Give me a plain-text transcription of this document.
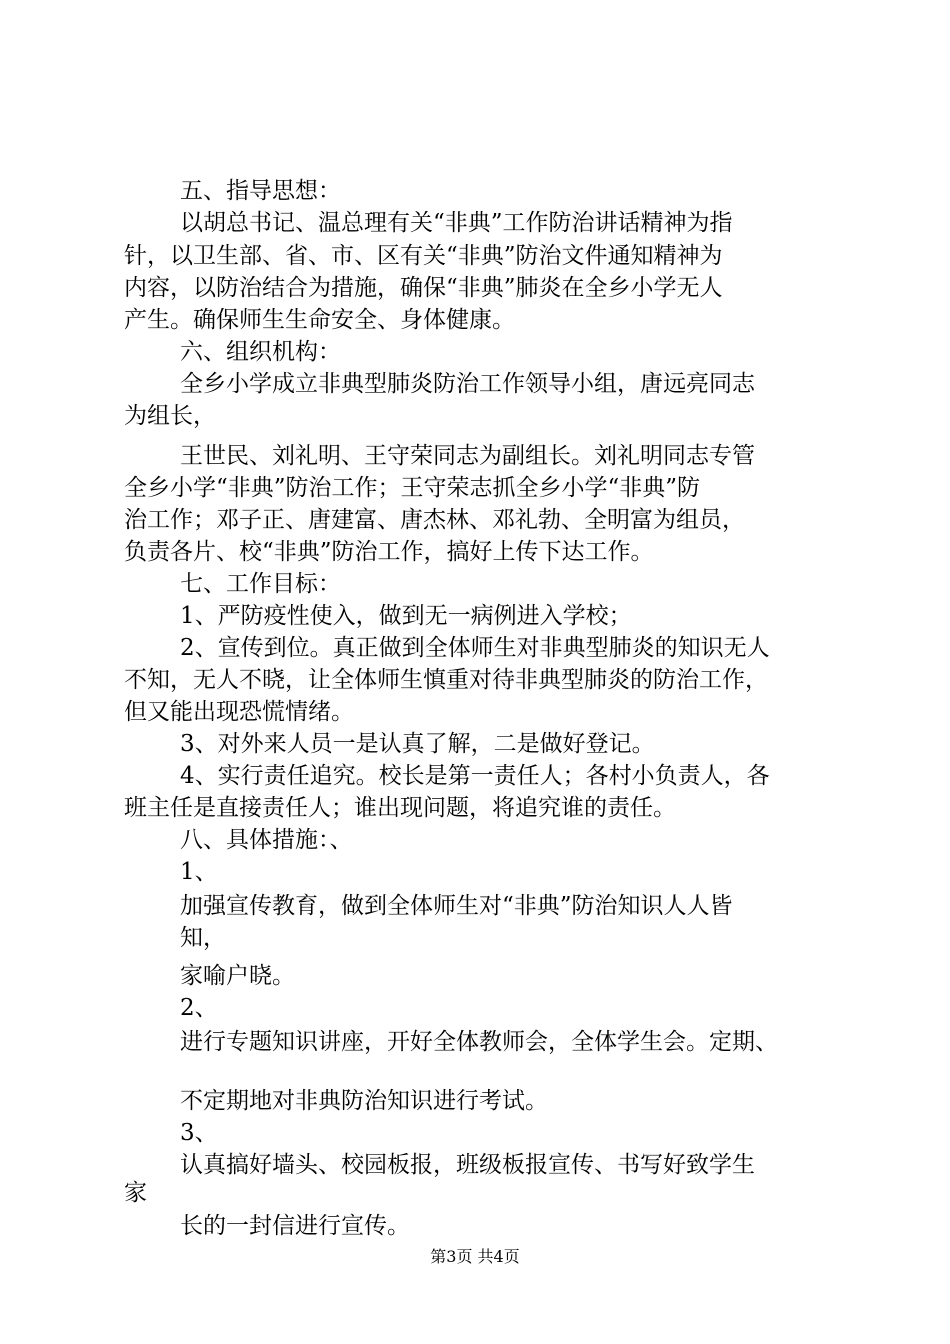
五、指导思想：
以胡总书记、温总理有关“非典”工作防治讲话精神为指
针，以卫生部、省、市、区有关“非典”防治文件通知精神为
内容，以防治结合为措施，确保“非典”肺炎在全乡小学无人
产生。确保师生生命安全、身体健康。
六、组织机构：
全乡小学成立非典型肺炎防治工作领导小组，唐远亮同志
为组长，
王世民、刘礼明、王守荣同志为副组长。刘礼明同志专管
全乡小学“非典”防治工作；王守荣志抓全乡小学“非典”防
治工作；邓子正、唐建富、唐杰林、邓礼勃、全明富为组员，
负责各片、校“非典”防治工作，搞好上传下达工作。
七、工作目标：
1、严防疫性使入，做到无一病例进入学校；
2、宣传到位。真正做到全体师生对非典型肺炎的知识无人
不知，无人不晓，让全体师生慎重对待非典型肺炎的防治工作，
但又能出现恐慌情绪。
3、对外来人员一是认真了解，二是做好登记。
4、实行责任追究。校长是第一责任人；各村小负责人，各
班主任是直接责任人；谁出现问题，将追究谁的责任。
八、具体措施：、
1、
加强宣传教育，做到全体师生对“非典”防治知识人人皆
知，
家喻户晓。
2、
进行专题知识讲座，开好全体教师会，全体学生会。定期、
不定期地对非典防治知识进行考试。
3、
认真搞好墙头、校园板报，班级板报宣传、书写好致学生
家
长的一封信进行宣传。
第3页 共4页
